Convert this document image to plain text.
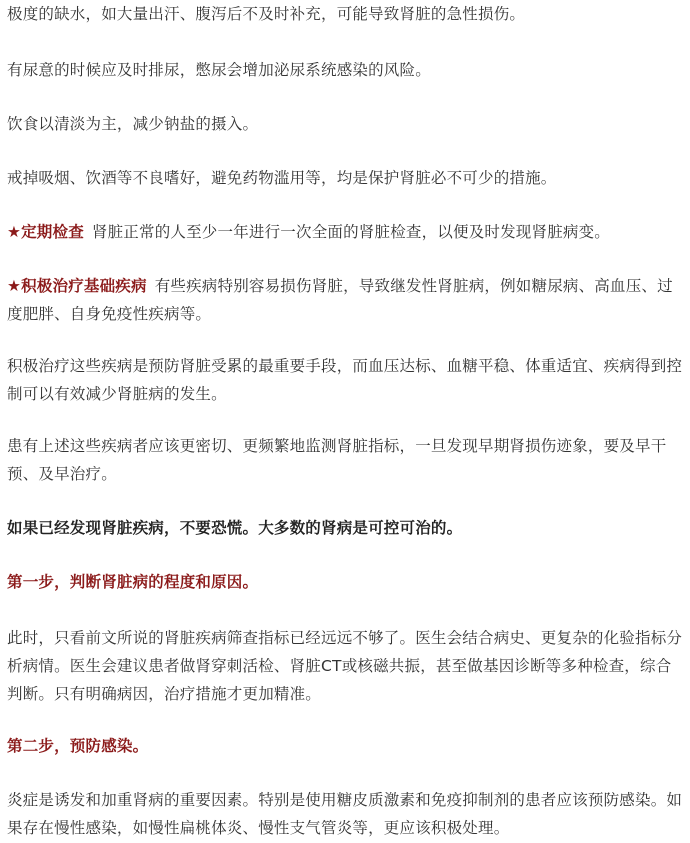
极度的缺水，如大量出汗、腹泻后不及时补充，可能导致肾脏的急性损伤。

有尿意的时候应及时排尿，憋尿会增加泌尿系统感染的风险。

饮食以清淡为主，减少钠盐的摄入。

戒掉吸烟、饮酒等不良嗜好，避免药物滥用等，均是保护肾脏必不可少的措施。

★定期检查 肾脏正常的人至少一年进行一次全面的肾脏检查，以便及时发现肾脏病变。

★积极治疗基础疾病 有些疾病特别容易损伤肾脏，导致继发性肾脏病，例如糖尿病、高血压、过度肥胖、自身免疫性疾病等。

积极治疗这些疾病是预防肾脏受累的最重要手段，而血压达标、血糖平稳、体重适宜、疾病得到控制可以有效减少肾脏病的发生。

患有上述这些疾病者应该更密切、更频繁地监测肾脏指标，一旦发现早期肾损伤迹象，要及早干预、及早治疗。

如果已经发现肾脏疾病，不要恐慌。大多数的肾病是可控可治的。

第一步，判断肾脏病的程度和原因。

此时，只看前文所说的肾脏疾病筛查指标已经远远不够了。医生会结合病史、更复杂的化验指标分析病情。医生会建议患者做肾穿刺活检、肾脏CT或核磁共振，甚至做基因诊断等多种检查，综合判断。只有明确病因，治疗措施才更加精准。

第二步，预防感染。

炎症是诱发和加重肾病的重要因素。特别是使用糖皮质激素和免疫抑制剂的患者应该预防感染。如果存在慢性感染，如慢性扁桃体炎、慢性支气管炎等，更应该积极处理。
